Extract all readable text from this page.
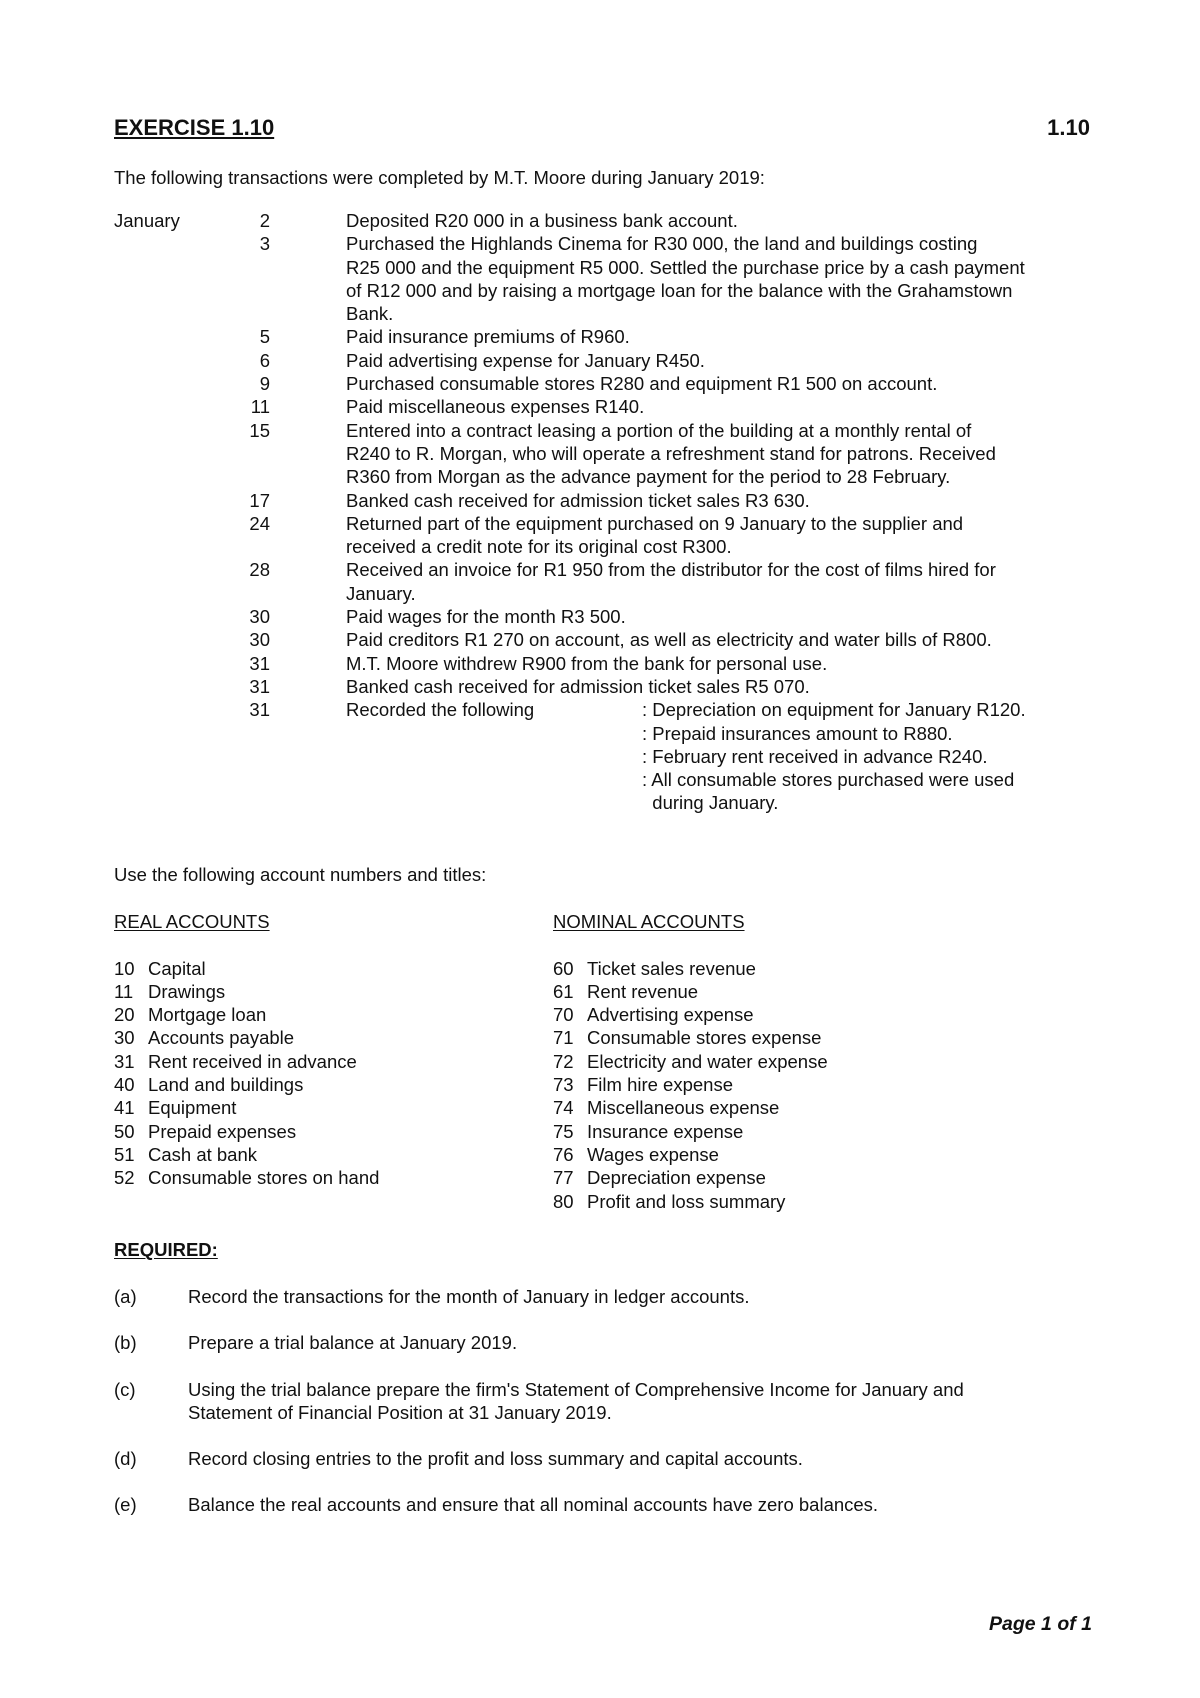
EXERCISE 1.10	1.10
The following transactions were completed by M.T. Moore during January 2019:
January	2	Deposited R20 000 in a business bank account.
3	Purchased the Highlands Cinema for R30 000, the land and buildings costing
R25 000 and the equipment R5 000. Settled the purchase price by a cash payment
of R12 000 and by raising a mortgage loan for the balance with the Grahamstown
Bank.
5	Paid insurance premiums of R960.
6	Paid advertising expense for January R450.
9	Purchased consumable stores R280 and equipment R1 500 on account.
11	Paid miscellaneous expenses R140.
15	Entered into a contract leasing a portion of the building at a monthly rental of
R240 to R. Morgan, who will operate a refreshment stand for patrons. Received
R360 from Morgan as the advance payment for the period to 28 February.
17	Banked cash received for admission ticket sales R3 630.
24	Returned part of the equipment purchased on 9 January to the supplier and
received a credit note for its original cost R300.
28	Received an invoice for R1 950 from the distributor for the cost of films hired for
January.
30	Paid wages for the month R3 500.
30	Paid creditors R1 270 on account, as well as electricity and water bills of R800.
31	M.T. Moore withdrew R900 from the bank for personal use.
31	Banked cash received for admission ticket sales R5 070.
31	Recorded the following	: Depreciation on equipment for January R120.
: Prepaid insurances amount to R880.
: February rent received in advance R240.
: All consumable stores purchased were used
during January.
Use the following account numbers and titles:
REAL ACCOUNTS
10 Capital
11 Drawings
20 Mortgage loan
30 Accounts payable
31 Rent received in advance
40 Land and buildings
41 Equipment
50 Prepaid expenses
51 Cash at bank
52 Consumable stores on hand
NOMINAL ACCOUNTS
60 Ticket sales revenue
61 Rent revenue
70 Advertising expense
71 Consumable stores expense
72 Electricity and water expense
73 Film hire expense
74 Miscellaneous expense
75 Insurance expense
76 Wages expense
77 Depreciation expense
80 Profit and loss summary
REQUIRED:
(a)	Record the transactions for the month of January in ledger accounts.
(b)	Prepare a trial balance at January 2019.
(c)	Using the trial balance prepare the firm's Statement of Comprehensive Income for January and
Statement of Financial Position at 31 January 2019.
(d)	Record closing entries to the profit and loss summary and capital accounts.
(e)	Balance the real accounts and ensure that all nominal accounts have zero balances.
Page 1 of 1
